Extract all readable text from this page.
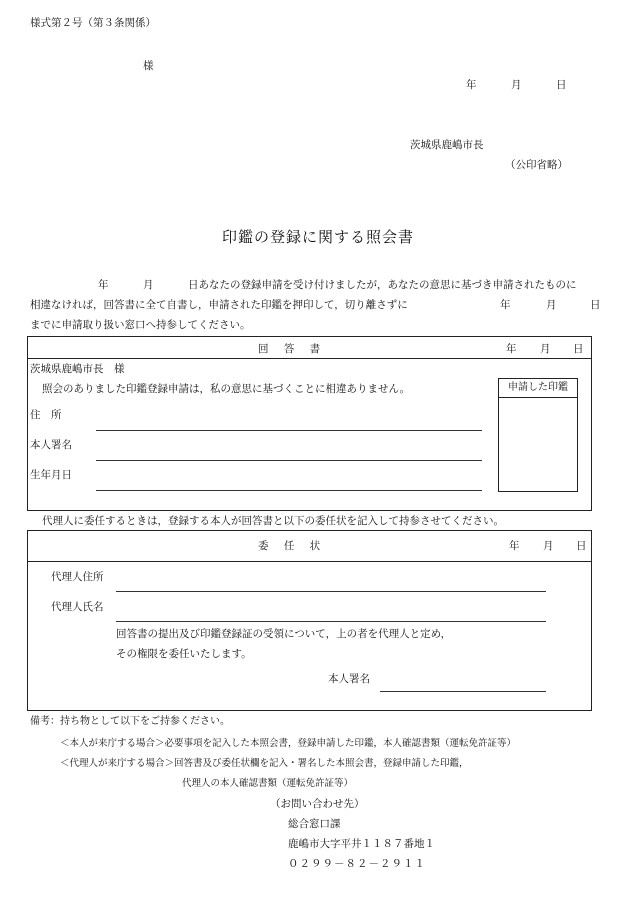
様式第２号（第３条関係）
様
年	月	日
茨城県鹿嶋市長
（公印省略）
印鑑の登録に関する照会書
年	月	日あなたの登録申請を受け付けましたが，あなたの意思に基づき申請されたものに
相違なければ，回答書に全て自書し，申請された印鑑を押印して，切り離さずに	年	月	日
までに申請取り扱い窓口へ持参してください。
回 答 書	年 月 日
茨城県鹿嶋市長　様
照会のありました印鑑登録申請は，私の意思に基づくことに相違ありません。
住　所
本人署名
生年月日
申請した印鑑
代理人に委任するときは，登録する本人が回答書と以下の委任状を記入して持参させてください。
委 任 状	年 月 日
代理人住所
代理人氏名
回答書の提出及び印鑑登録証の受領について，上の者を代理人と定め，
その権限を委任いたします。
本人署名
備考：持ち物として以下をご持参ください。
＜本人が来庁する場合＞必要事項を記入した本照会書，登録申請した印鑑，本人確認書類（運転免許証等）
＜代理人が来庁する場合＞回答書及び委任状欄を記入・署名した本照会書，登録申請した印鑑，
代理人の本人確認書類（運転免許証等）
（お問い合わせ先）
総合窓口課
鹿嶋市大字平井１１８７番地１
０２９９－８２－２９１１
